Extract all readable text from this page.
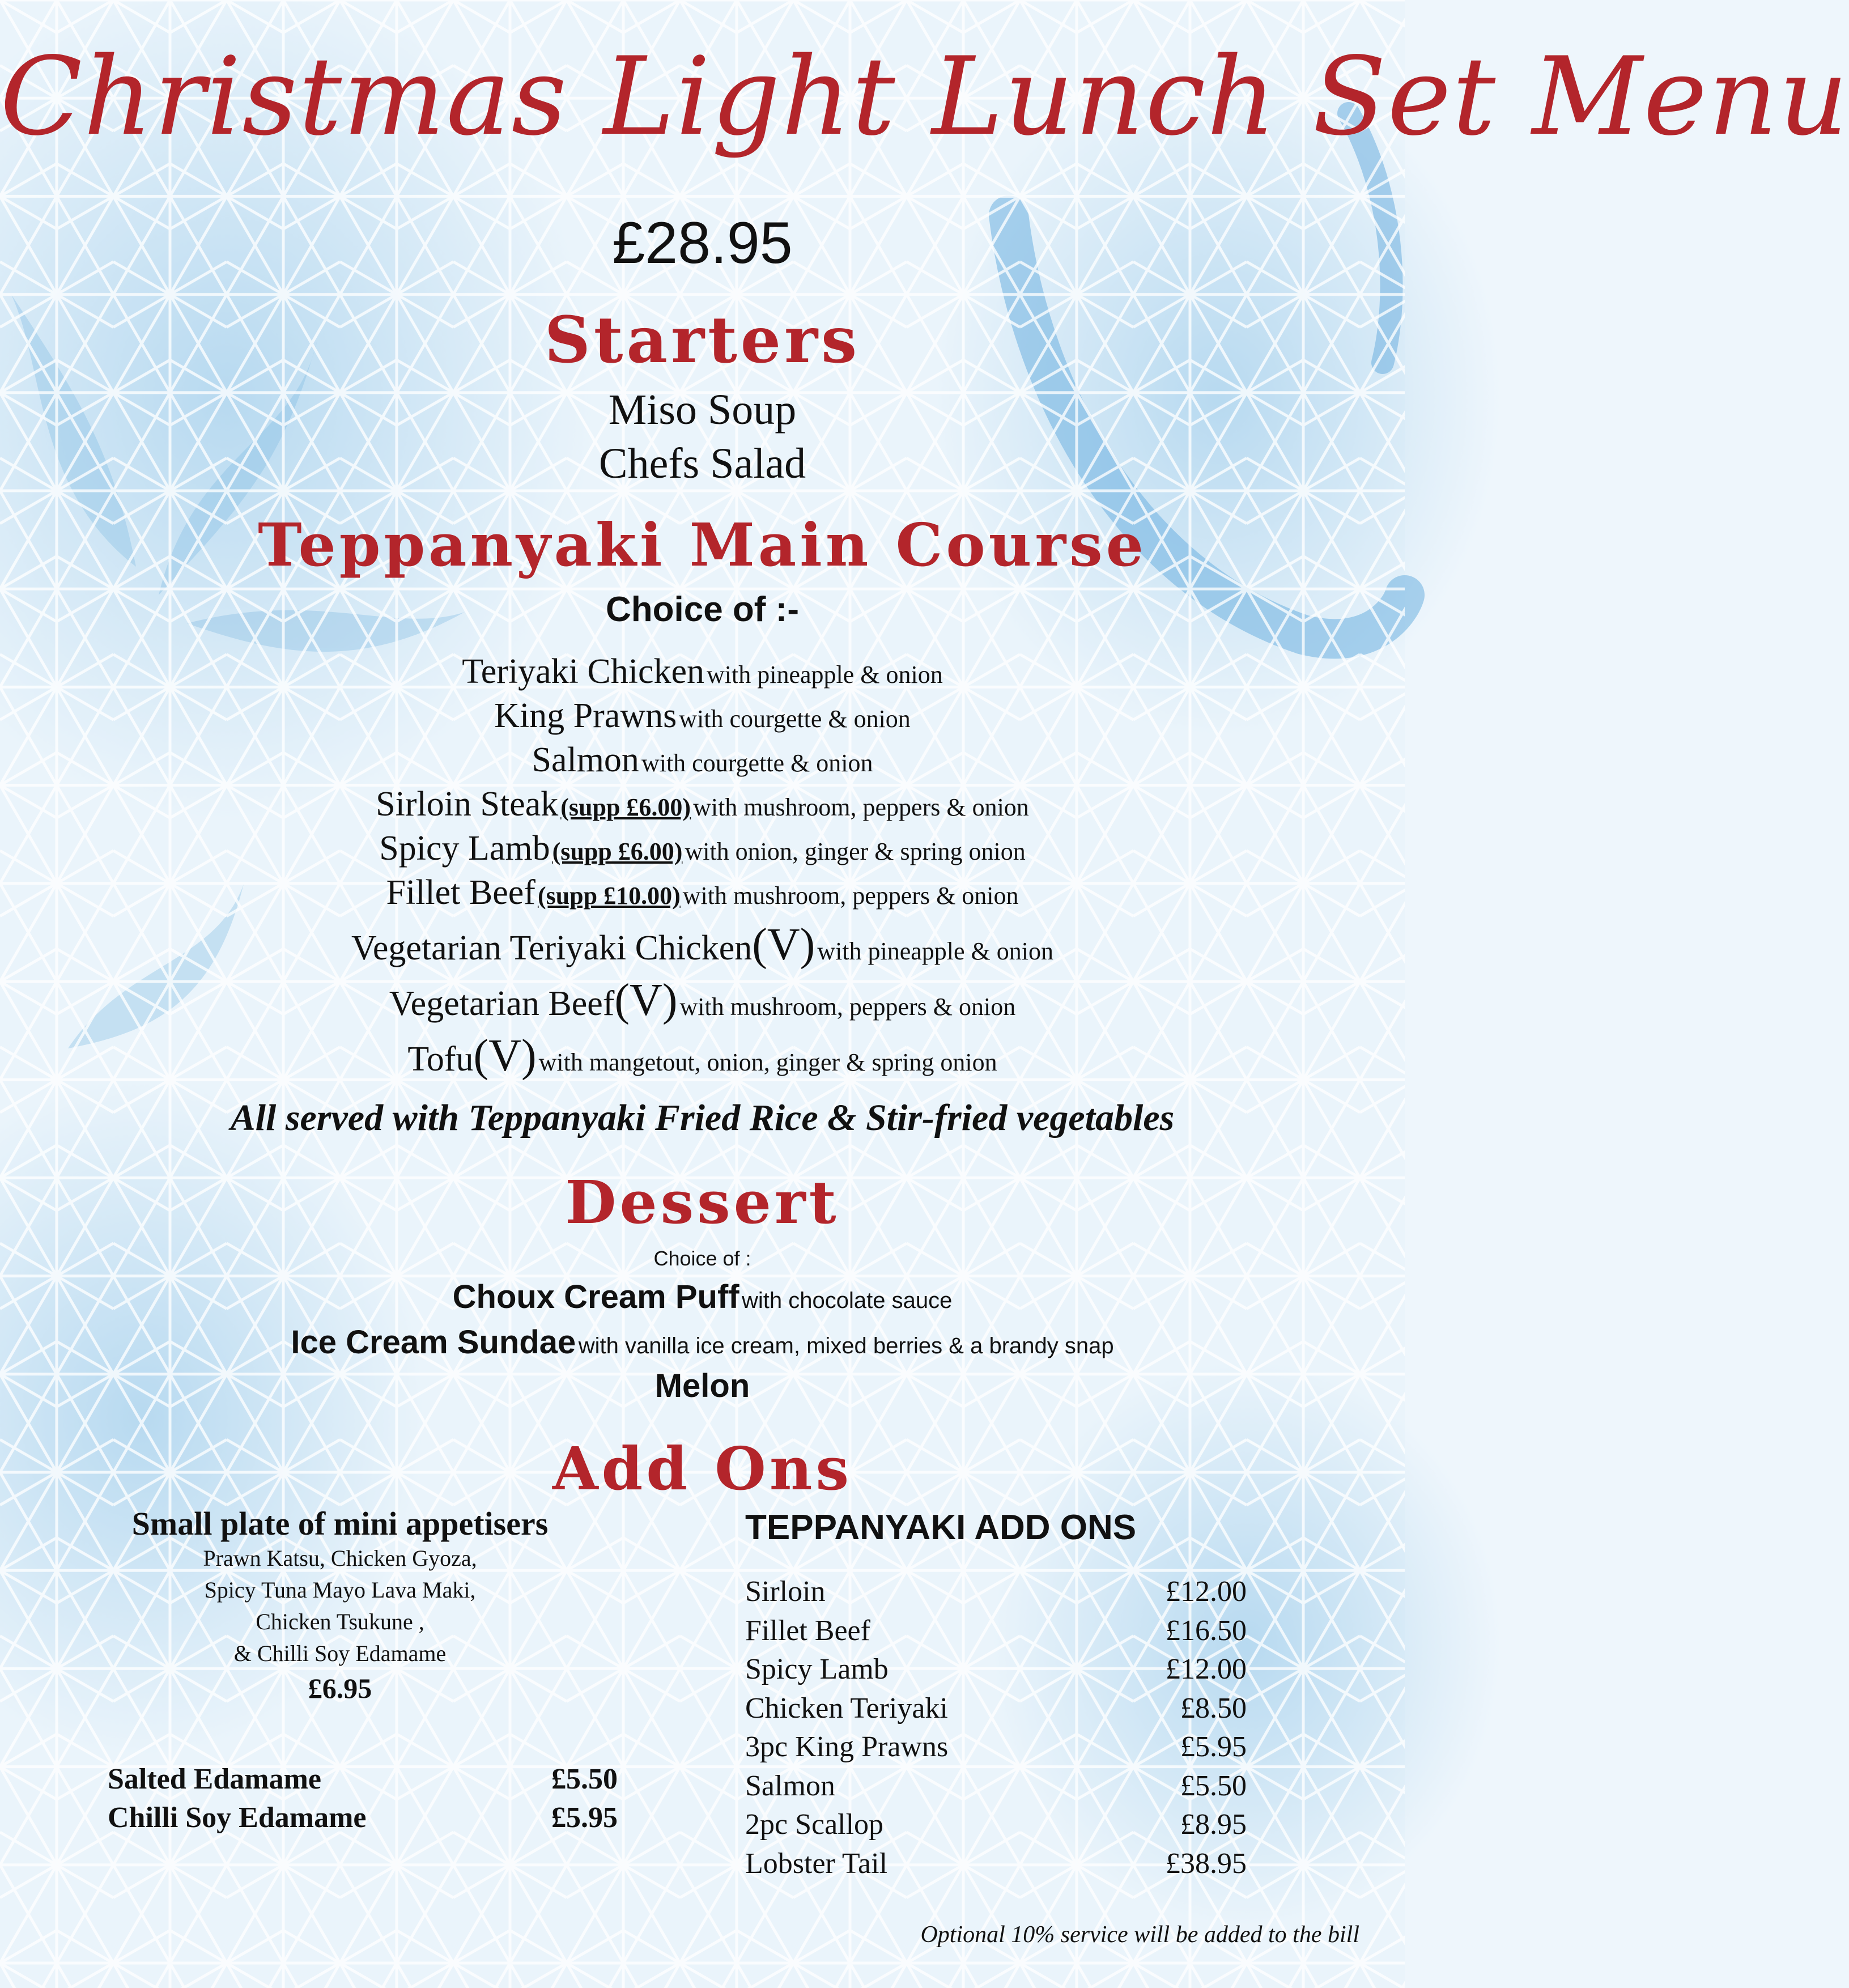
Christmas Light Lunch Set Menu
£28.95
Starters
Miso Soup
Chefs Salad
Teppanyaki Main Course
Choice of :-
Teriyaki Chicken with pineapple & onion
King Prawns with courgette & onion
Salmon with courgette & onion
Sirloin Steak (supp £6.00) with mushroom, peppers & onion
Spicy Lamb (supp £6.00) with onion, ginger & spring onion
Fillet Beef (supp £10.00) with mushroom, peppers & onion
Vegetarian Teriyaki Chicken(V) with pineapple & onion
Vegetarian Beef(V) with mushroom, peppers & onion
Tofu(V) with mangetout, onion, ginger & spring onion
All served with Teppanyaki Fried Rice & Stir-fried vegetables
Dessert
Choice of :
Choux Cream Puff with chocolate sauce
Ice Cream Sundae with vanilla ice cream, mixed berries & a brandy snap
Melon
Add Ons
Small plate of mini appetisers
Prawn Katsu, Chicken Gyoza,
Spicy Tuna Mayo Lava Maki,
Chicken Tsukune ,
& Chilli Soy Edamame
£6.95
Salted Edamame	£5.50
Chilli Soy Edamame	£5.95
TEPPANYAKI ADD ONS
Sirloin	£12.00
Fillet Beef	£16.50
Spicy Lamb	£12.00
Chicken Teriyaki	£8.50
3pc King Prawns	£5.95
Salmon	£5.50
2pc Scallop	£8.95
Lobster Tail	£38.95
Optional 10% service will be added to the bill
